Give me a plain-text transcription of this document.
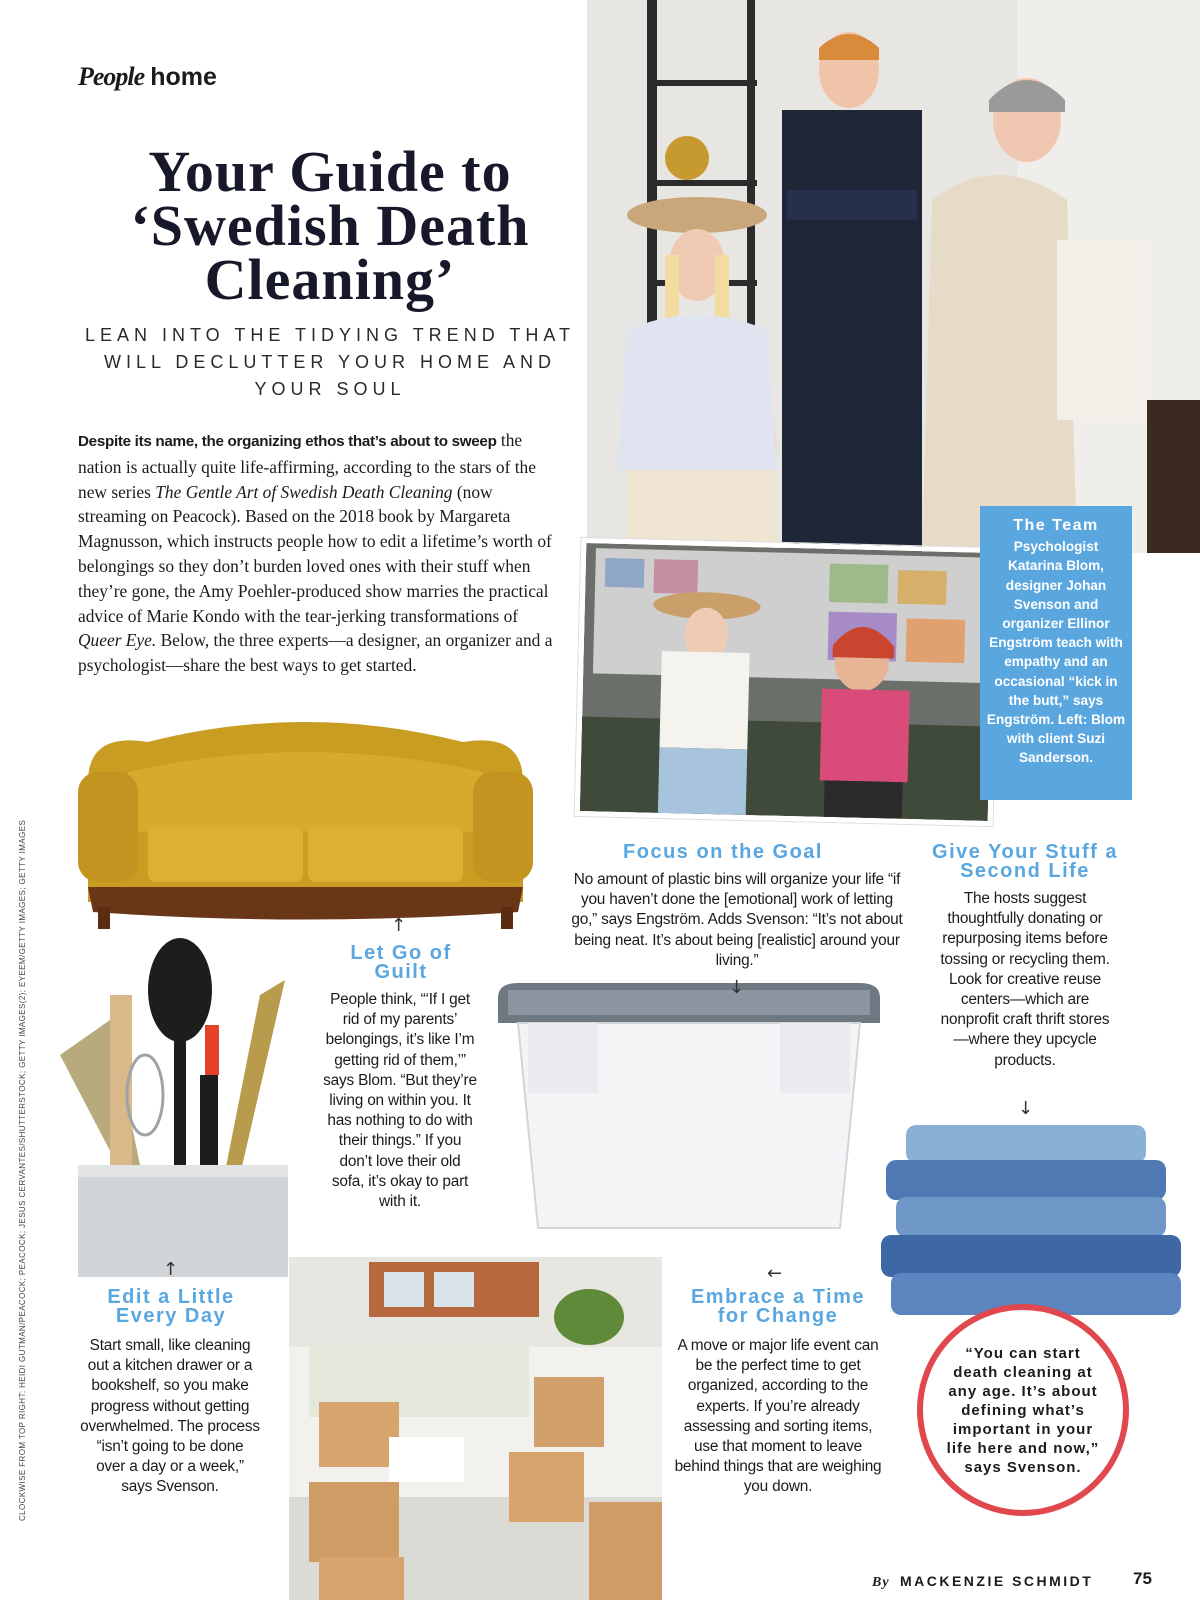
People home
Your Guide to ‘Swedish Death Cleaning’
LEAN INTO THE TIDYING TREND THAT WILL DECLUTTER YOUR HOME AND YOUR SOUL

Despite its name, the organizing ethos that’s about to sweep the nation is actually quite life-affirming, according to the stars of the new series The Gentle Art of Swedish Death Cleaning (now streaming on Peacock). Based on the 2018 book by Margareta Magnusson, which instructs people how to edit a lifetime’s worth of belongings so they don’t burden loved ones with their stuff when they’re gone, the Amy Poehler-produced show marries the practical advice of Marie Kondo with the tear-jerking transformations of Queer Eye. Below, the three experts—a designer, an organizer and a psychologist—share the best ways to get started.

The Team
Psychologist Katarina Blom, designer Johan Svenson and organizer Ellinor Engström teach with empathy and an occasional “kick in the butt,” says Engström. Left: Blom with client Suzi Sanderson.
Focus on the Goal
No amount of plastic bins will organize your life “if you haven’t done the [emotional] work of letting go,” says Engström. Adds Svenson: “It’s not about being neat. It’s about being [realistic] around your living.”
↓
Give Your Stuff a Second Life
The hosts suggest thoughtfully donating or repurposing items before tossing or recycling them. Look for creative reuse centers—which are nonprofit craft thrift stores—where they upcycle products.
↓
↑
Let Go of Guilt
People think, “‘If I get rid of my parents’ belongings, it’s like I’m getting rid of them,’” says Blom. “But they’re living on within you. It has nothing to do with their things.” If you don’t love their old sofa, it’s okay to part with it.
↑
Edit a Little Every Day
Start small, like cleaning out a kitchen drawer or a bookshelf, so you make progress without getting overwhelmed. The process “isn’t going to be done over a day or a week,” says Svenson.
←
Embrace a Time for Change
A move or major life event can be the perfect time to get organized, according to the experts. If you’re already assessing and sorting items, use that moment to leave behind things that are weighing you down.
“You can start death cleaning at any age. It’s about defining what’s important in your life here and now,” says Svenson.
CLOCKWISE FROM TOP RIGHT: HEIDI GUTMAN/PEACOCK; PEACOCK; JESUS CERVANTES/SHUTTERSTOCK; GETTY IMAGES(2); EYEEM/GETTY IMAGES; GETTY IMAGES
By MACKENZIE SCHMIDT 75
